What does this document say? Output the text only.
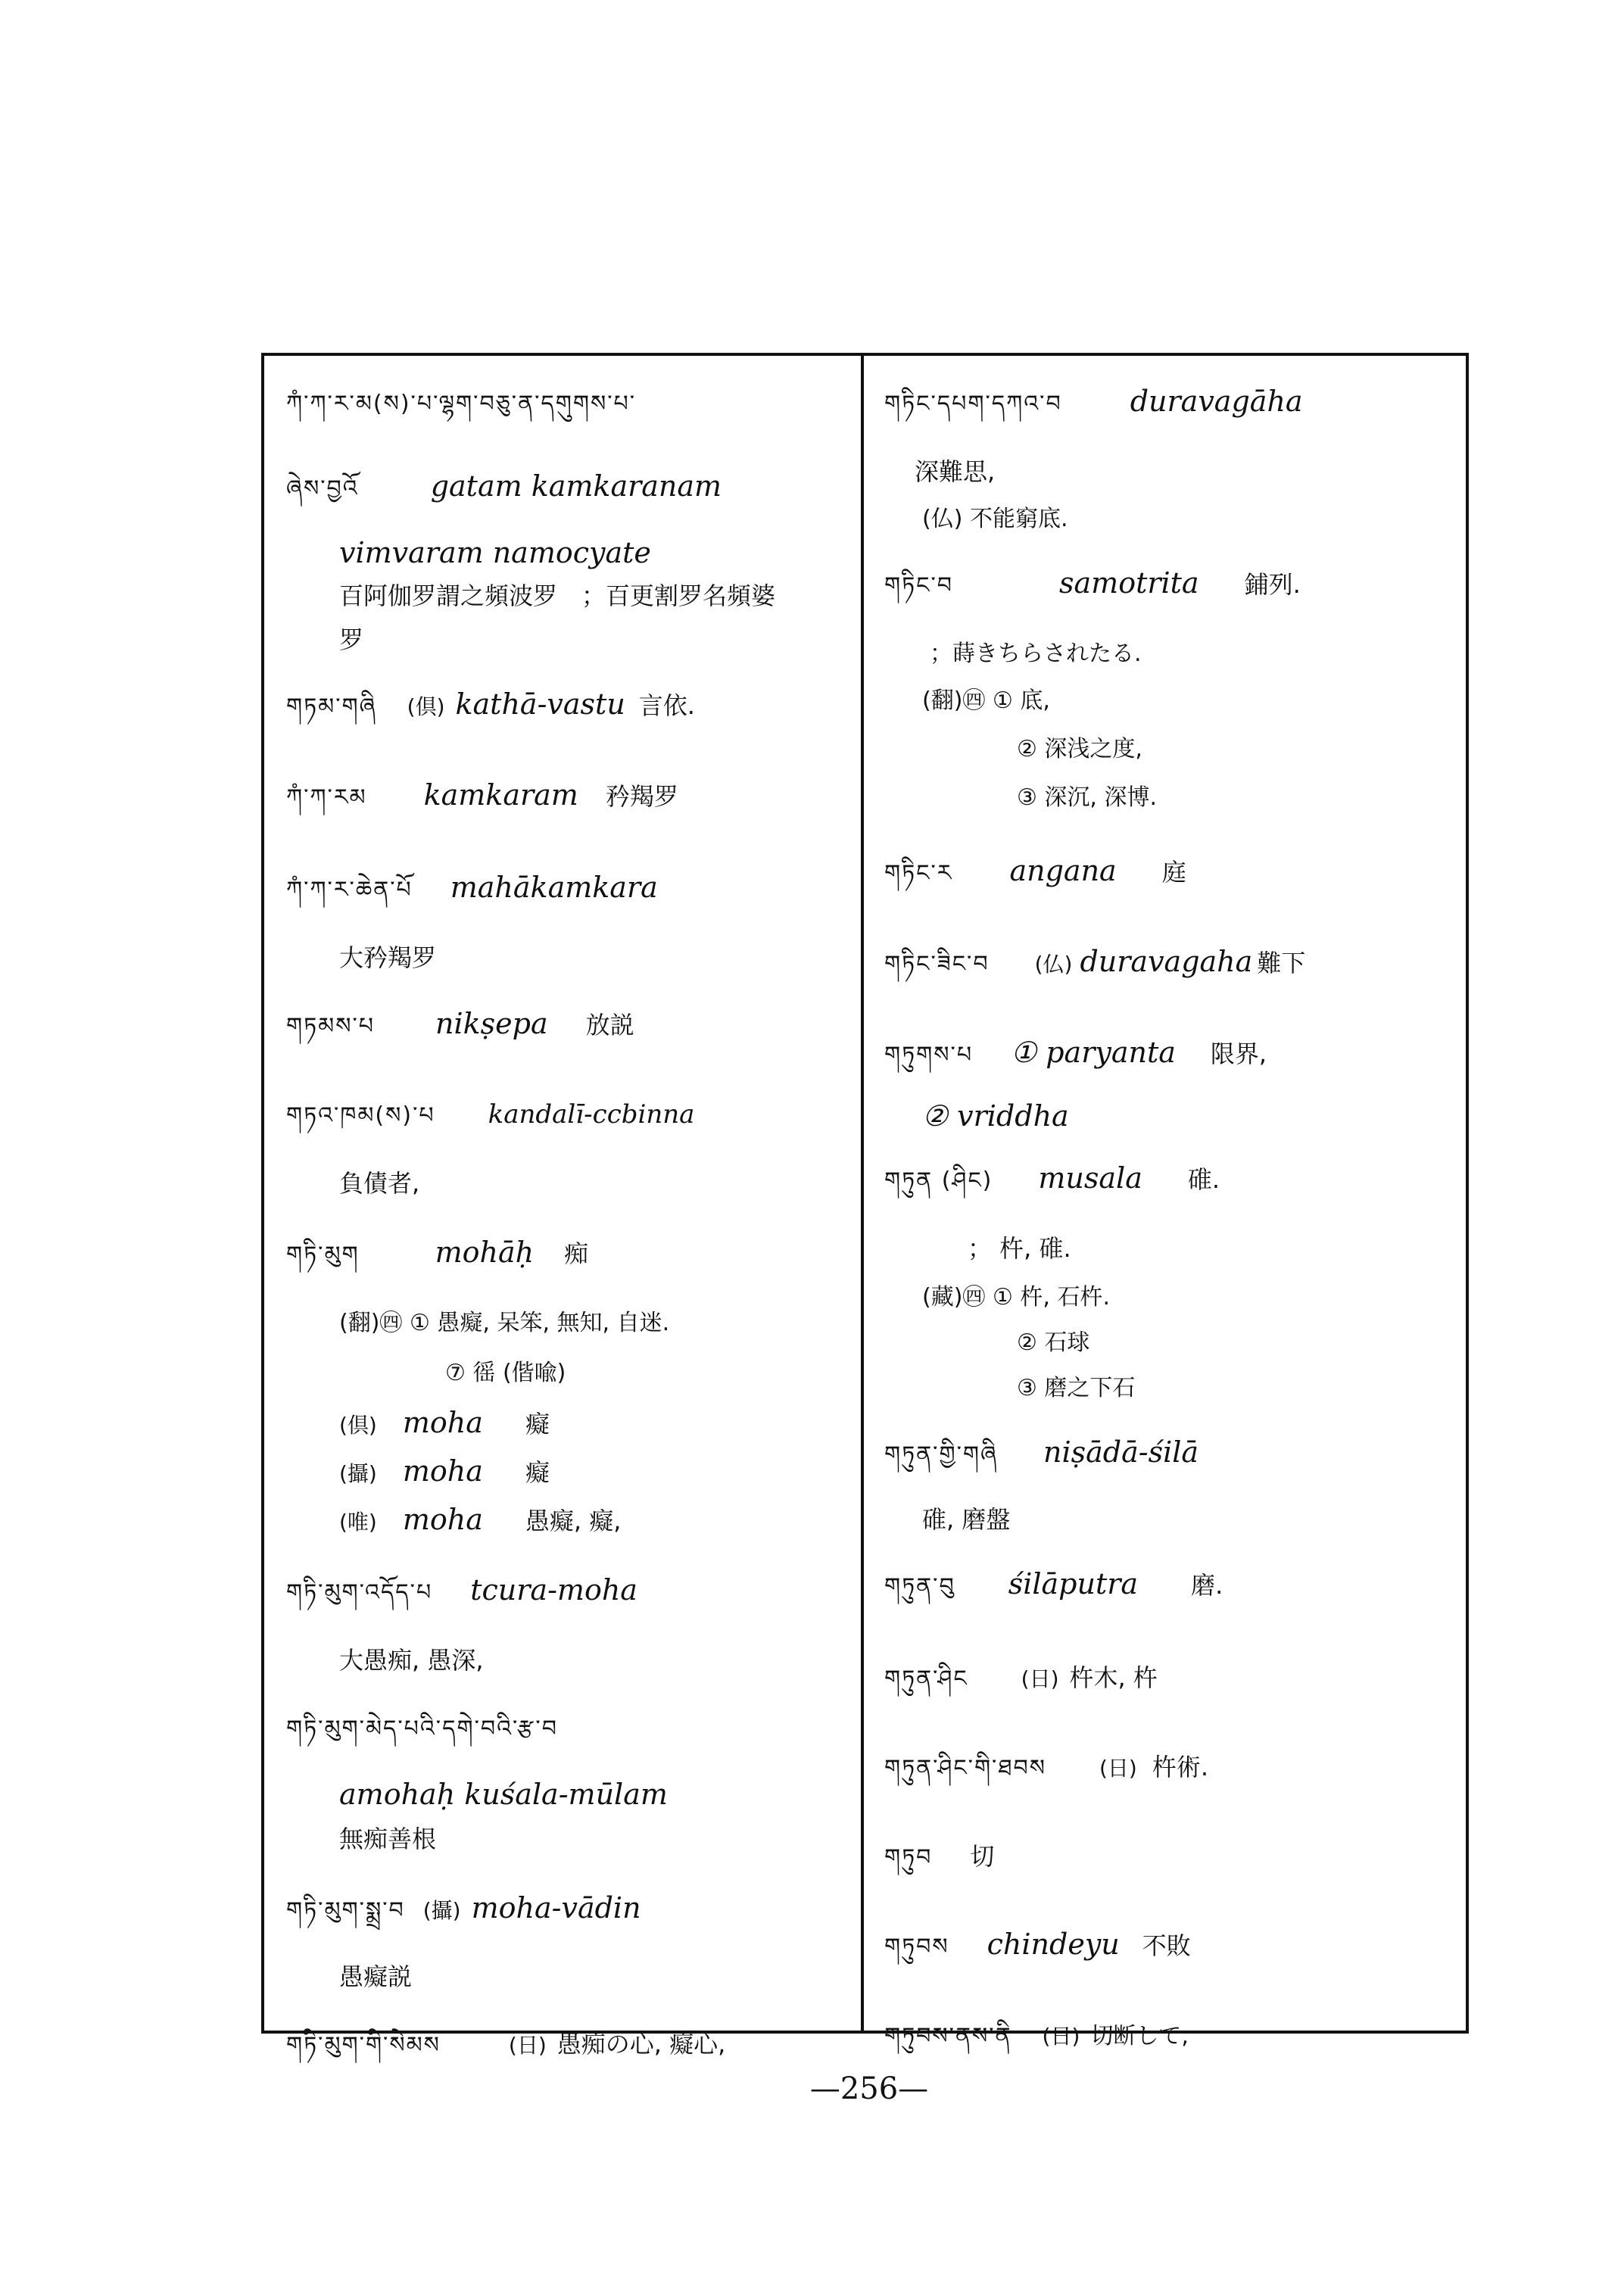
ཀཾ་ཀ་ར་མ(ས)་པ་ལྷག་བཅུ་ན་དགུགས་པ་
ཞེས་བྱའོ	gatam kamkaranam
vimvaram namocyate
百阿伽罗謂之頻波罗　；百更割罗名頻婆
罗
གཏམ་གཞི (倶) kathā-vastu 言依.
ཀཾ་ཀ་རམ kamkaram 矜羯罗
ཀཾ་ཀ་ར་ཆེན་པོ mahākamkara
大矜羯罗
གཏམས་པ nikṣepa 放説
གཏའ་ཁམ(ས)་པ kandalī-ccbinna
負債者,
གཏི་མུག	mohāḥ 痴
(翻)㊃ ① 愚癡, 呆笨, 無知, 自迷.
⑦ 徭 (偕喩)
(倶) moha 癡
(攝) moha 癡
(唯) moha 愚癡, 癡,
གཏི་མུག་འདོད་པ tcura-moha
大愚痴, 愚深,
གཏི་མུག་མེད་པའི་དགེ་བའི་རྩ་བ
amohaḥ kuśala-mūlam
無痴善根
གཏི་མུག་སྨྲ་བ (攝) moha-vādin
愚癡説
གཏི་མུག་གི་སེམས	(日) 愚痴の心, 癡心,
གཏིང་དཔག་དཀའ་བ duravagāha
深難思,
(仏) 不能窮底.
གཏིང་བ	samotrita 鋪列.
；蒔きちらされたる.
(翻)㊃ ① 底,
② 深浅之度,
③ 深沉, 深博.
གཏིང་ར angana 庭
གཏིང་ཟིང་བ (仏) duravagaha 難下
གཏུགས་པ ① paryanta 限界,
② vriddha
གཏུན (ཤིང) musala 碓.
； 杵, 碓.
(藏)㊃ ① 杵, 石杵.
② 石球
③ 磨之下石
གཏུན་གྱི་གཞི niṣādā-śilā
碓, 磨盤
གཏུན་བུ śilāputra 磨.
གཏུན་ཤིང	(日) 杵木, 杵
གཏུན་ཤིང་གི་ཐབས	(日) 杵術.
གཏུབ 切
གཏུབས chindeyu 不敗
གཏུབས་ནས་ནི (日) 切断して,
—256—
